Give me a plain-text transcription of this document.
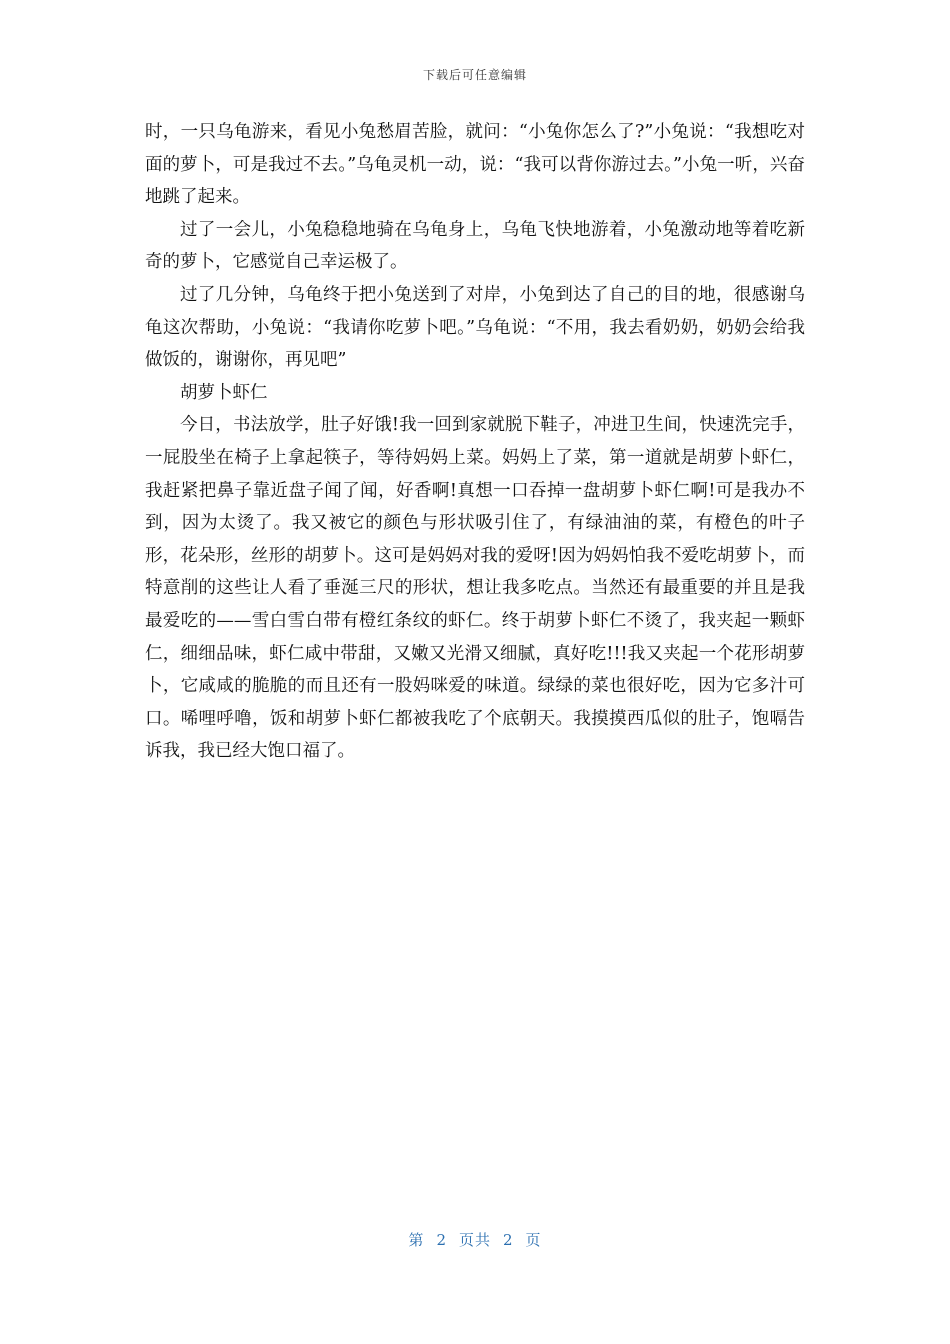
下载后可任意编辑

时，一只乌龟游来，看见小兔愁眉苦脸，就问：“小兔你怎么了?”小兔说：“我想吃对面的萝卜，可是我过不去。”乌龟灵机一动，说：“我可以背你游过去。”小兔一听，兴奋地跳了起来。

过了一会儿，小兔稳稳地骑在乌龟身上，乌龟飞快地游着，小兔激动地等着吃新奇的萝卜，它感觉自己幸运极了。

过了几分钟，乌龟终于把小兔送到了对岸，小兔到达了自己的目的地，很感谢乌龟这次帮助，小兔说：“我请你吃萝卜吧。”乌龟说：“不用，我去看奶奶，奶奶会给我做饭的，谢谢你，再见吧”

胡萝卜虾仁

今日，书法放学，肚子好饿!我一回到家就脱下鞋子，冲进卫生间，快速洗完手，一屁股坐在椅子上拿起筷子，等待妈妈上菜。妈妈上了菜，第一道就是胡萝卜虾仁，我赶紧把鼻子靠近盘子闻了闻，好香啊!真想一口吞掉一盘胡萝卜虾仁啊!可是我办不到，因为太烫了。我又被它的颜色与形状吸引住了，有绿油油的菜，有橙色的叶子形，花朵形，丝形的胡萝卜。这可是妈妈对我的爱呀!因为妈妈怕我不爱吃胡萝卜，而特意削的这些让人看了垂涎三尺的形状，想让我多吃点。当然还有最重要的并且是我最爱吃的——雪白雪白带有橙红条纹的虾仁。终于胡萝卜虾仁不烫了，我夹起一颗虾仁，细细品味，虾仁咸中带甜，又嫩又光滑又细腻，真好吃!!!我又夹起一个花形胡萝卜，它咸咸的脆脆的而且还有一股妈咪爱的味道。绿绿的菜也很好吃，因为它多汁可口。唏哩呼噜，饭和胡萝卜虾仁都被我吃了个底朝天。我摸摸西瓜似的肚子，饱嗝告诉我，我已经大饱口福了。

第 2 页共 2 页
